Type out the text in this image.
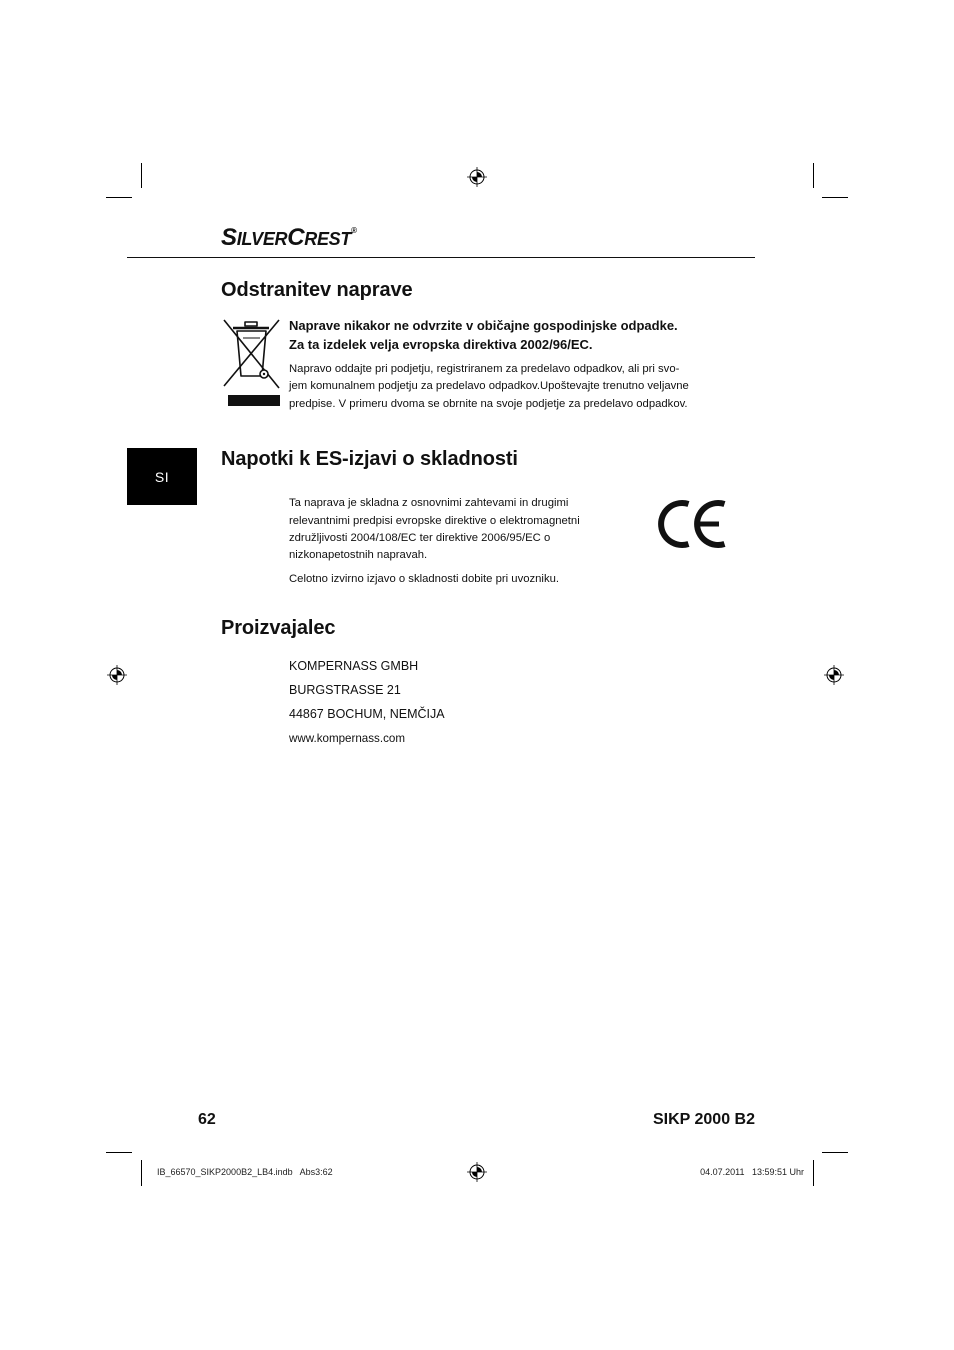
SILVERCREST®
SI
Odstranitev naprave
Naprave nikakor ne odvrzite v običajne gospodinjske odpadke.
Za ta izdelek velja evropska direktiva 2002/96/EC.
Napravo oddajte pri podjetju, registriranem za predelavo odpadkov, ali pri svo-
jem komunalnem podjetju za predelavo odpadkov.Upoštevajte trenutno veljavne
predpise. V primeru dvoma se obrnite na svoje podjetje za predelavo odpadkov.
Napotki k ES-izjavi o skladnosti
Ta naprava je skladna z osnovnimi zahtevami in drugimi
relevantnimi predpisi evropske direktive o elektromagnetni
združljivosti 2004/108/EC ter direktive 2006/95/EC o
nizkonapetostnih napravah.
Celotno izvirno izjavo o skladnosti dobite pri uvozniku.
Proizvajalec
KOMPERNASS GMBH
BURGSTRASSE 21
44867 BOCHUM, NEMČIJA
www.kompernass.com
62	SIKP 2000 B2
IB_66570_SIKP2000B2_LB4.indb   Abs3:62	04.07.2011   13:59:51 Uhr
